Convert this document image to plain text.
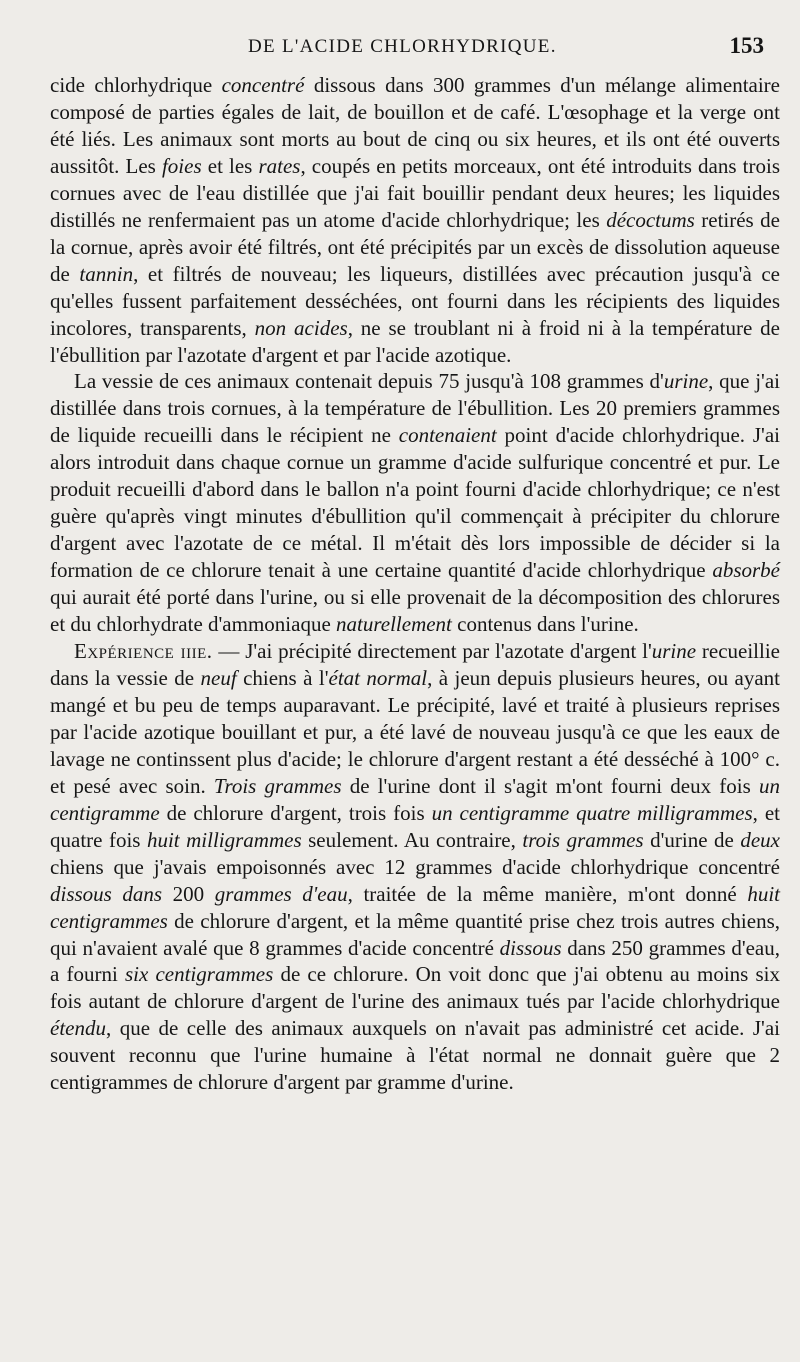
DE L'ACIDE CHLORHYDRIQUE.	153

cide chlorhydrique concentré dissous dans 300 grammes d'un mélange alimentaire composé de parties égales de lait, de bouillon et de café. L'œsophage et la verge ont été liés. Les animaux sont morts au bout de cinq ou six heures, et ils ont été ouverts aussitôt. Les foies et les rates, coupés en petits morceaux, ont été introduits dans trois cornues avec de l'eau distillée que j'ai fait bouillir pendant deux heures; les liquides distillés ne renfermaient pas un atome d'acide chlorhydrique; les décoctums retirés de la cornue, après avoir été filtrés, ont été précipités par un excès de dissolution aqueuse de tannin, et filtrés de nouveau; les liqueurs, distillées avec précaution jusqu'à ce qu'elles fussent parfaitement desséchées, ont fourni dans les récipients des liquides incolores, transparents, non acides, ne se troublant ni à froid ni à la température de l'ébullition par l'azotate d'argent et par l'acide azotique.

La vessie de ces animaux contenait depuis 75 jusqu'à 108 grammes d'urine, que j'ai distillée dans trois cornues, à la température de l'ébullition. Les 20 premiers grammes de liquide recueilli dans le récipient ne contenaient point d'acide chlorhydrique. J'ai alors introduit dans chaque cornue un gramme d'acide sulfurique concentré et pur. Le produit recueilli d'abord dans le ballon n'a point fourni d'acide chlorhydrique; ce n'est guère qu'après vingt minutes d'ébullition qu'il commençait à précipiter du chlorure d'argent avec l'azotate de ce métal. Il m'était dès lors impossible de décider si la formation de ce chlorure tenait à une certaine quantité d'acide chlorhydrique absorbé qui aurait été porté dans l'urine, ou si elle provenait de la décomposition des chlorures et du chlorhydrate d'ammoniaque naturellement contenus dans l'urine.

Expérience iiie. — J'ai précipité directement par l'azotate d'argent l'urine recueillie dans la vessie de neuf chiens à l'état normal, à jeun depuis plusieurs heures, ou ayant mangé et bu peu de temps auparavant. Le précipité, lavé et traité à plusieurs reprises par l'acide azotique bouillant et pur, a été lavé de nouveau jusqu'à ce que les eaux de lavage ne continssent plus d'acide; le chlorure d'argent restant a été desséché à 100° c. et pesé avec soin. Trois grammes de l'urine dont il s'agit m'ont fourni deux fois un centigramme de chlorure d'argent, trois fois un centigramme quatre milligrammes, et quatre fois huit milligrammes seulement. Au contraire, trois grammes d'urine de deux chiens que j'avais empoisonnés avec 12 grammes d'acide chlorhydrique concentré dissous dans 200 grammes d'eau, traitée de la même manière, m'ont donné huit centigrammes de chlorure d'argent, et la même quantité prise chez trois autres chiens, qui n'avaient avalé que 8 grammes d'acide concentré dissous dans 250 grammes d'eau, a fourni six centigrammes de ce chlorure. On voit donc que j'ai obtenu au moins six fois autant de chlorure d'argent de l'urine des animaux tués par l'acide chlorhydrique étendu, que de celle des animaux auxquels on n'avait pas administré cet acide. J'ai souvent reconnu que l'urine humaine à l'état normal ne donnait guère que 2 centigrammes de chlorure d'argent par gramme d'urine.
